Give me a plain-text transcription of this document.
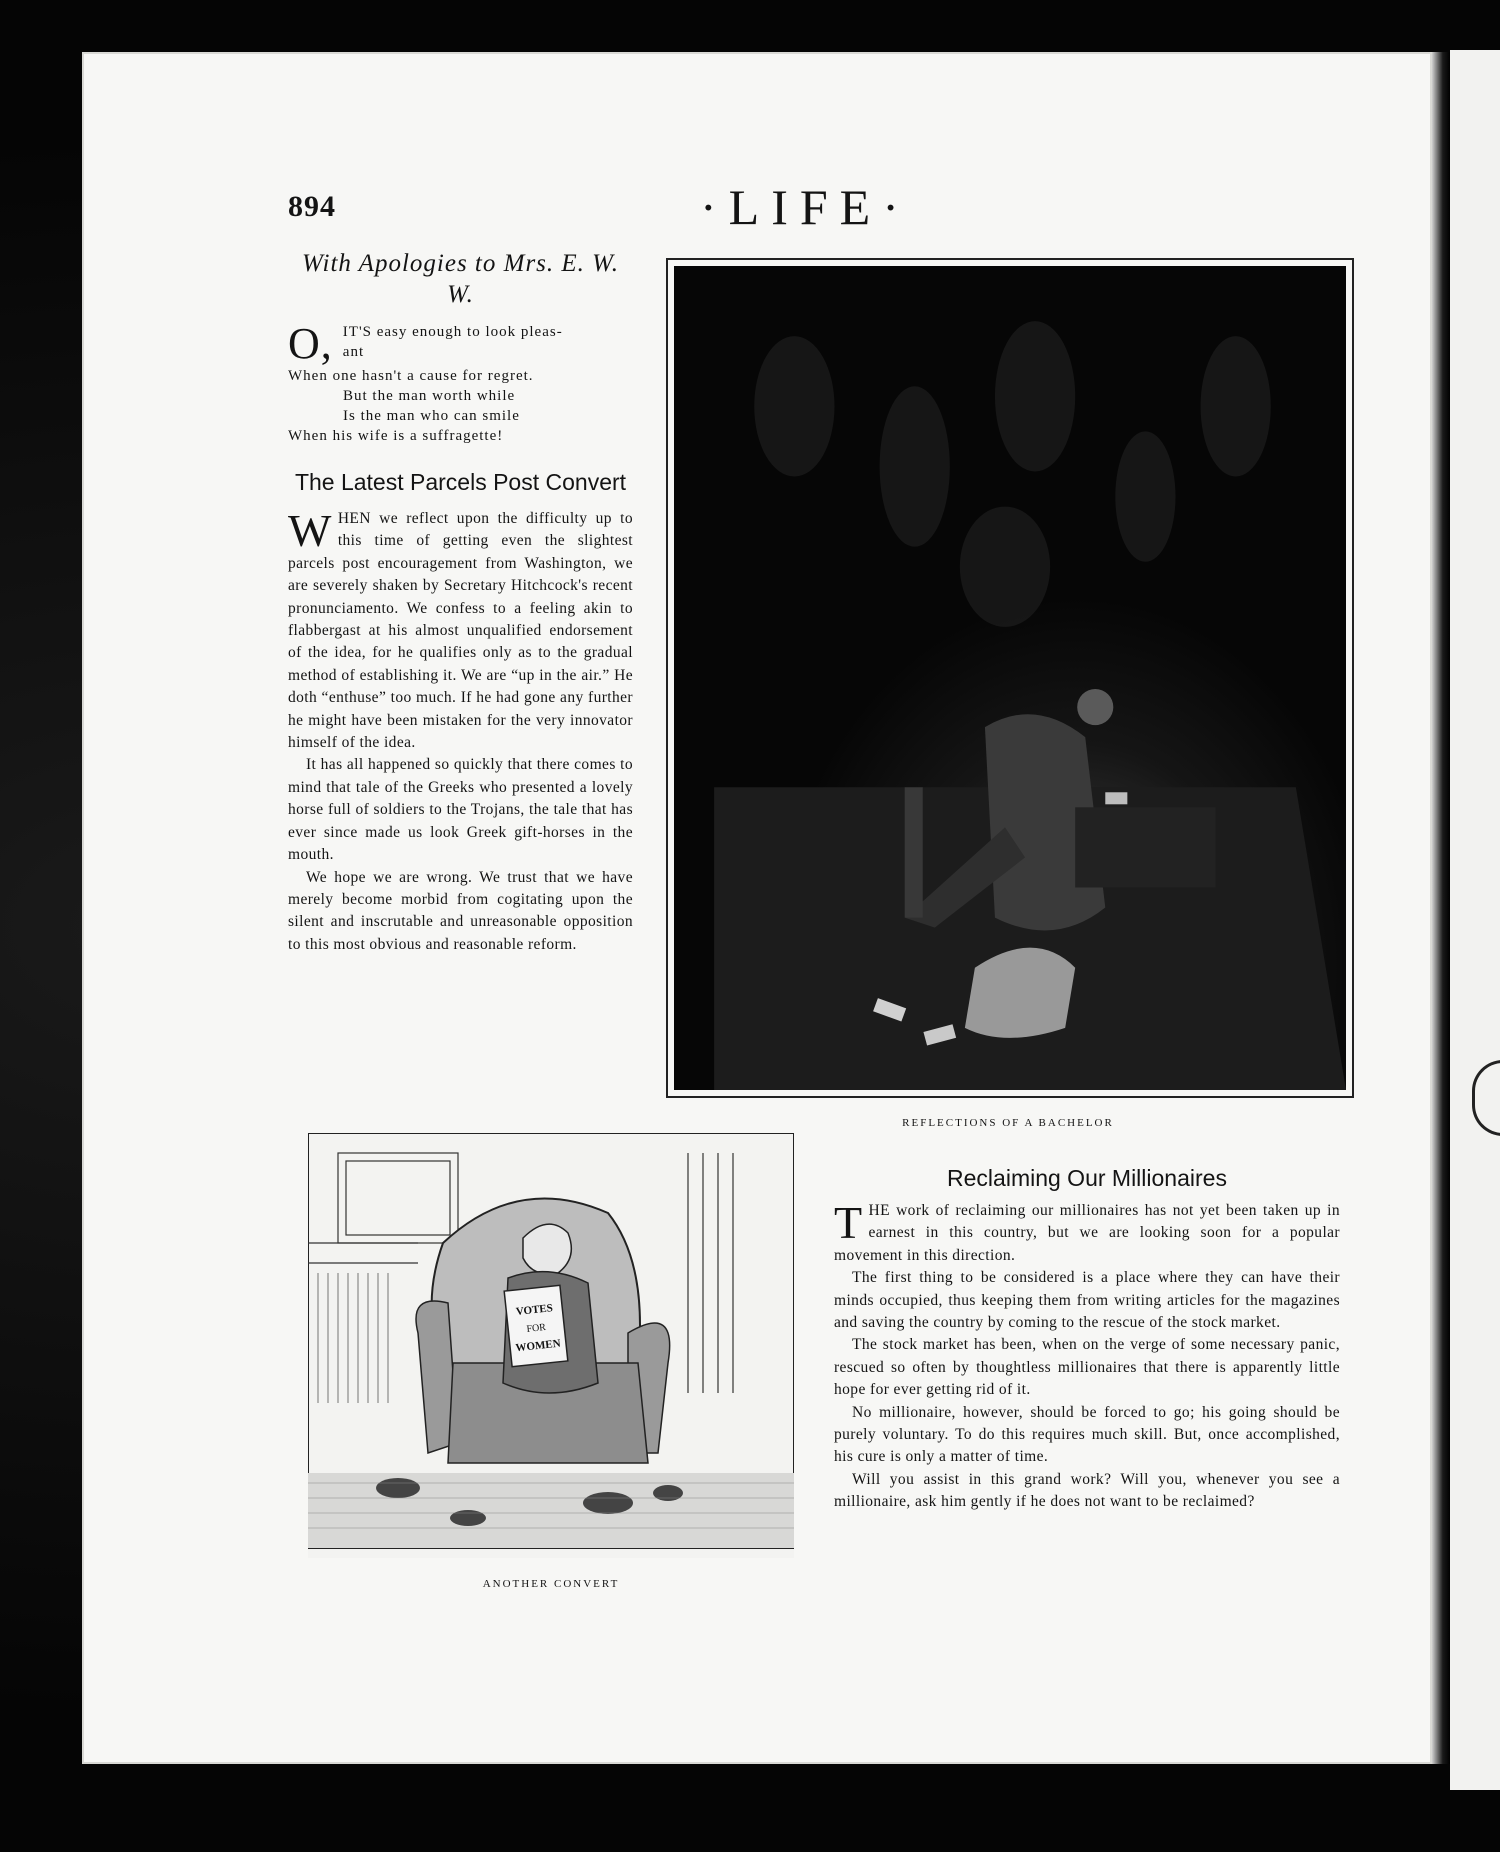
894	·LIFE·
With Apologies to Mrs. E. W. W.
O, IT'S easy enough to look pleas-
ant
When one hasn't a cause for regret.
But the man worth while
Is the man who can smile
When his wife is a suffragette!
The Latest Parcels Post Convert

WHEN we reflect upon the difficulty up to this time of getting even the slightest parcels post encouragement from Washington, we are severely shaken by Secretary Hitchcock's recent pronunciamento. We confess to a feeling akin to flabbergast at his almost unqualified endorsement of the idea, for he qualifies only as to the gradual method of establishing it. We are “up in the air.” He doth “enthuse” too much. If he had gone any further he might have been mistaken for the very innovator himself of the idea.

It has all happened so quickly that there comes to mind that tale of the Greeks who presented a lovely horse full of soldiers to the Trojans, the tale that has ever since made us look Greek gift-horses in the mouth.

We hope we are wrong. We trust that we have merely become morbid from cogitating upon the silent and inscrutable and unreasonable opposition to this most obvious and reasonable reform.

REFLECTIONS OF A BACHELOR
VOTES
FOR
WOMEN
ANOTHER CONVERT
Reclaiming Our Millionaires

THE work of reclaiming our millionaires has not yet been taken up in earnest in this country, but we are looking soon for a popular movement in this direction.

The first thing to be considered is a place where they can have their minds occupied, thus keeping them from writing articles for the magazines and saving the country by coming to the rescue of the stock market.

The stock market has been, when on the verge of some necessary panic, rescued so often by thoughtless millionaires that there is apparently little hope for ever getting rid of it.

No millionaire, however, should be forced to go; his going should be purely voluntary. To do this requires much skill. But, once accomplished, his cure is only a matter of time.

Will you assist in this grand work? Will you, whenever you see a millionaire, ask him gently if he does not want to be reclaimed?
